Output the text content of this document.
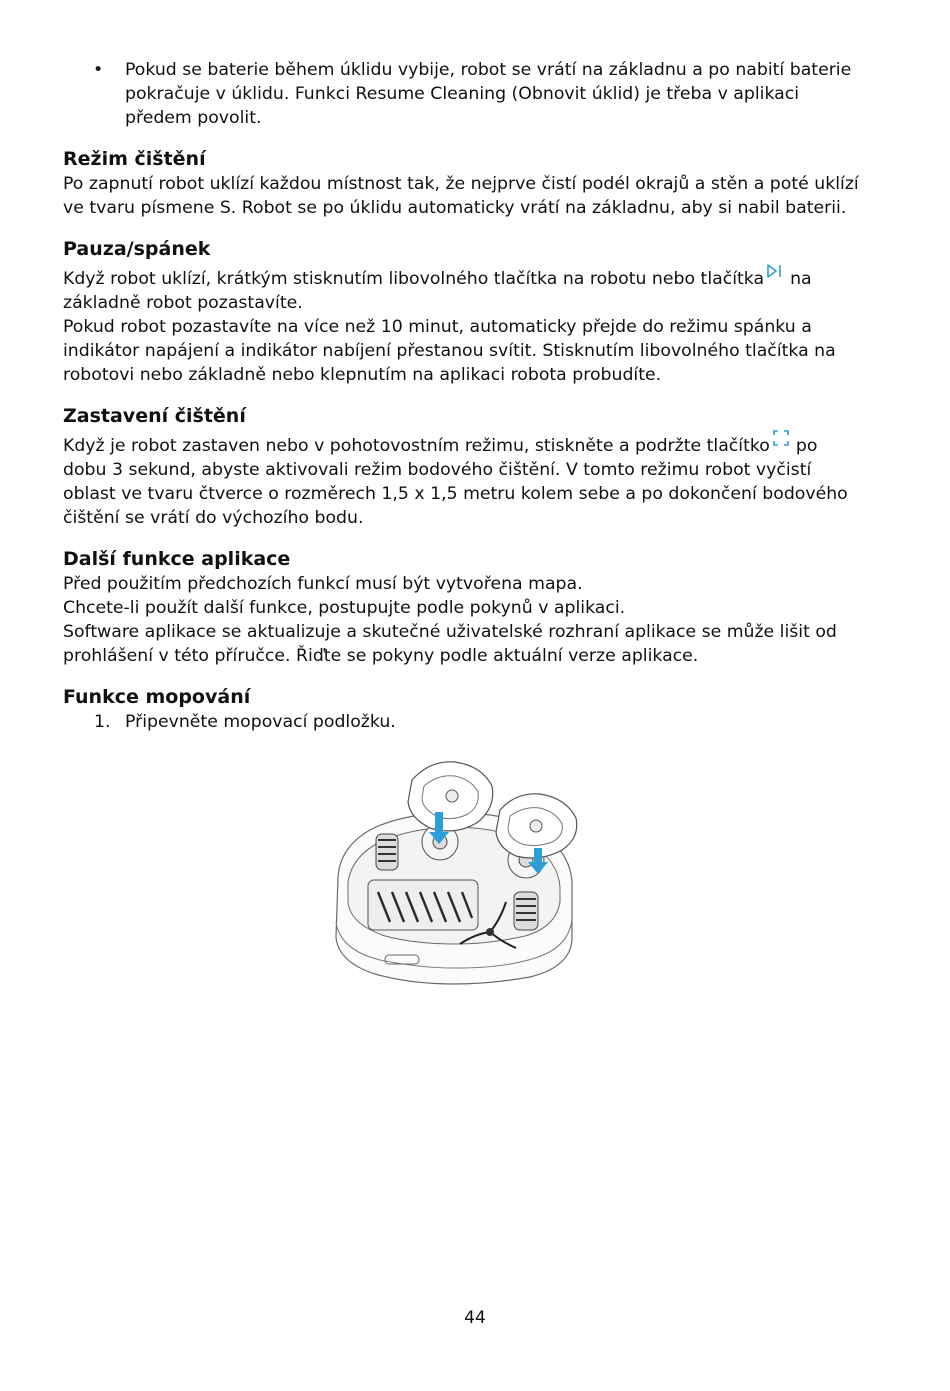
• Pokud se baterie během úklidu vybije, robot se vrátí na základnu a po nabití baterie pokračuje v úklidu. Funkci Resume Cleaning (Obnovit úklid) je třeba v aplikaci předem povolit.

Režim čištění

Po zapnutí robot uklízí každou místnost tak, že nejprve čistí podél okrajů a stěn a poté uklízí ve tvaru písmene S. Robot se po úklidu automaticky vrátí na základnu, aby si nabil baterii.

Pauza/spánek

Když robot uklízí, krátkým stisknutím libovolného tlačítka na robotu nebo tlačítka na základně robot pozastavíte.

Pokud robot pozastavíte na více než 10 minut, automaticky přejde do režimu spánku a indikátor napájení a indikátor nabíjení přestanou svítit. Stisknutím libovolného tlačítka na robotovi nebo základně nebo klepnutím na aplikaci robota probudíte.

Zastavení čištění

Když je robot zastaven nebo v pohotovostním režimu, stiskněte a podržte tlačítko po dobu 3 sekund, abyste aktivovali režim bodového čištění. V tomto režimu robot vyčistí oblast ve tvaru čtverce o rozměrech 1,5 x 1,5 metru kolem sebe a po dokončení bodového čištění se vrátí do výchozího bodu.

Další funkce aplikace

Před použitím předchozích funkcí musí být vytvořena mapa.

Chcete-li použít další funkce, postupujte podle pokynů v aplikaci.

Software aplikace se aktualizuje a skutečné uživatelské rozhraní aplikace se může lišit od prohlášení v této příručce. Řiďte se pokyny podle aktuální verze aplikace.

Funkce mopování
1. Připevněte mopovací podložku.

44
